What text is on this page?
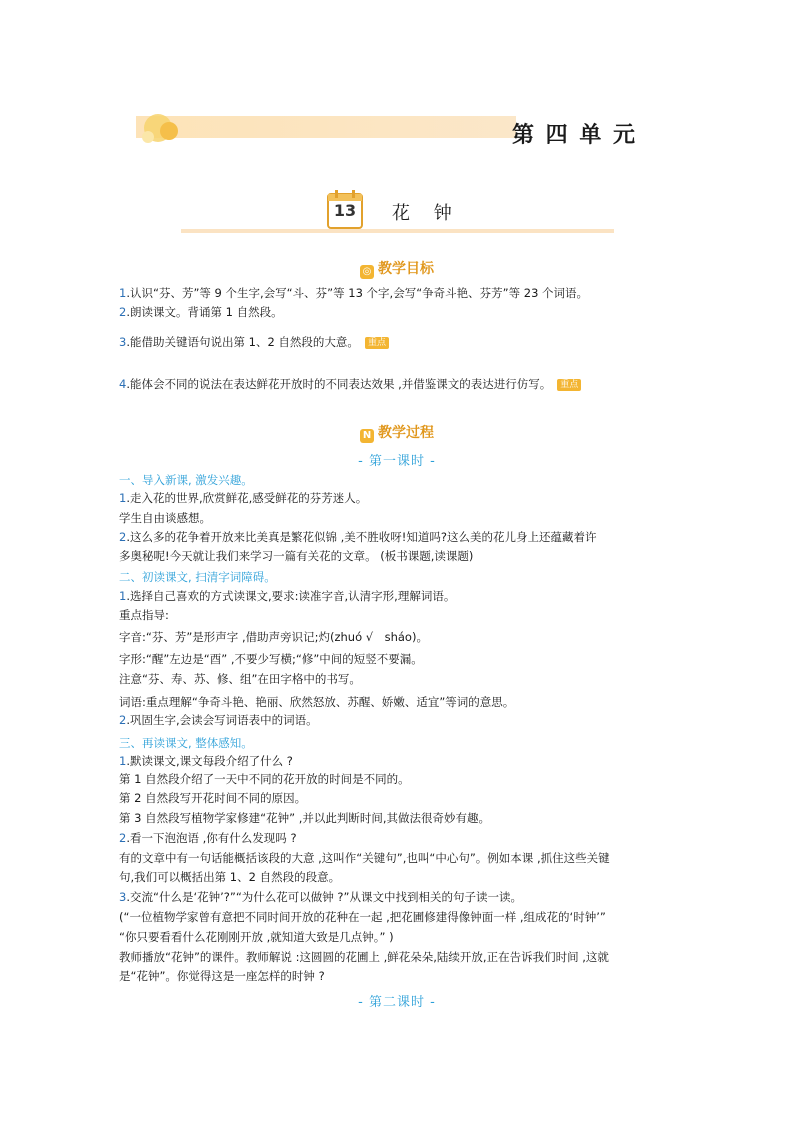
第 四 单 元
13	花　 钟
◎ 教学目标
1.认识“芬、芳”等 9 个生字,会写“斗、芬”等 13 个字,会写“争奇斗艳、芬芳”等 23 个词语。
2.朗读课文。背诵第 1 自然段。
3.能借助关键语句说出第 1、2 自然段的大意。 重点
4.能体会不同的说法在表达鲜花开放时的不同表达效果 ,并借鉴课文的表达进行仿写。 重点
N 教学过程
- 第一课时 -
一、导入新课, 激发兴趣。
1.走入花的世界,欣赏鲜花,感受鲜花的芬芳迷人。
学生自由谈感想。
2.这么多的花争着开放来比美真是繁花似锦 ,美不胜收呀!知道吗?这么美的花儿身上还蕴藏着许
多奥秘呢!今天就让我们来学习一篇有关花的文章。 (板书课题,读课题)
二、初读课文, 扫清字词障碍。
1.选择自己喜欢的方式读课文,要求:读准字音,认清字形,理解词语。
重点指导:
字音:“芬、芳”是形声字 ,借助声旁识记;灼(zhuó √　sháo)。
字形:“醒”左边是“酉” ,不要少写横;“修”中间的短竖不要漏。
注意“芬、寿、苏、修、组”在田字格中的书写。
词语:重点理解“争奇斗艳、艳丽、欣然怒放、苏醒、娇嫩、适宜”等词的意思。
2.巩固生字,会读会写词语表中的词语。
三、再读课文, 整体感知。
1.默读课文,课文每段介绍了什么 ?
第 1 自然段介绍了一天中不同的花开放的时间是不同的。
第 2 自然段写开花时间不同的原因。
第 3 自然段写植物学家修建“花钟” ,并以此判断时间,其做法很奇妙有趣。
2.看一下泡泡语 ,你有什么发现吗 ?
有的文章中有一句话能概括该段的大意 ,这叫作“关键句”,也叫“中心句”。例如本课 ,抓住这些关键
句,我们可以概括出第 1、2 自然段的段意。
3.交流“什么是‘花钟’?”“为什么花可以做钟 ?”从课文中找到相关的句子读一读。
(“一位植物学家曾有意把不同时间开放的花种在一起 ,把花圃修建得像钟面一样 ,组成花的‘时钟’”
“你只要看看什么花刚刚开放 ,就知道大致是几点钟。” )
教师播放“花钟”的课件。教师解说 :这圆圆的花圃上 ,鲜花朵朵,陆续开放,正在告诉我们时间 ,这就
是“花钟”。你觉得这是一座怎样的时钟 ?
- 第二课时 -
